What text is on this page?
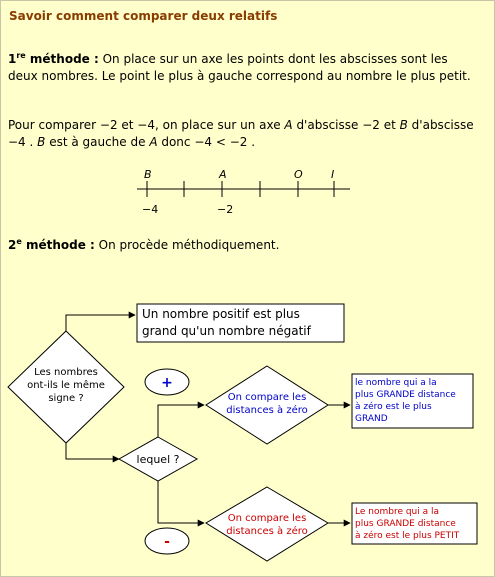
Savoir comment comparer deux relatifs
1re méthode : On place sur un axe les points dont les abscisses sont les deux nombres. Le point le plus à gauche correspond au nombre le plus petit.
Pour comparer −2 et −4, on place sur un axe A d'abscisse −2 et B d'abscisse −4 . B est à gauche de A donc −4 < −2 .
2e méthode : On procède méthodiquement.
B	A	O	I
−4	−2
Un nombre positif est plus
grand qu'un nombre négatif
Les nombres
ont-ils le même
signe ?
lequel ?
+
-
On compare les
distances à zéro
On compare les
distances à zéro
le nombre qui a la
plus GRANDE distance
à zéro est le plus
GRAND
Le nombre qui a la
plus GRANDE distance
à zéro est le plus PETIT
